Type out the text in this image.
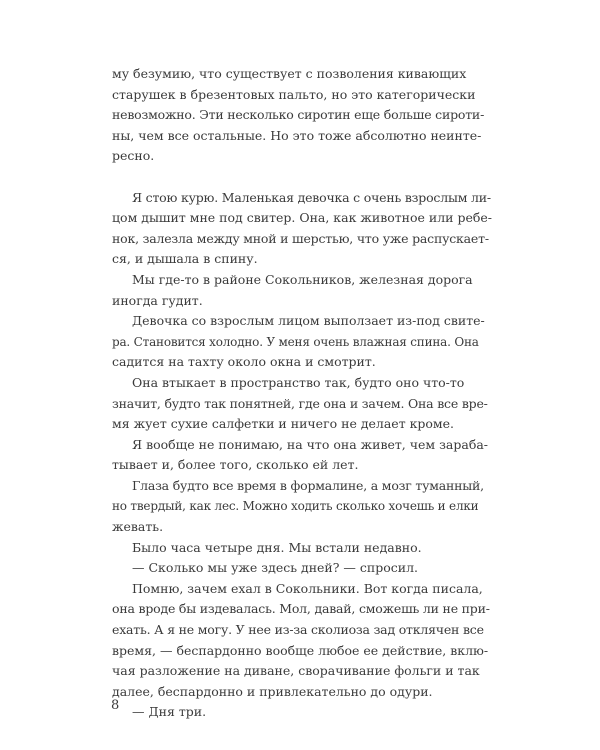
му безумию, что существует с позволения кивающих
старушек в брезентовых пальто, но это категорически
невозможно. Эти несколько сиротин еще больше сироти-
ны, чем все остальные. Но это тоже абсолютно неинте-
ресно.
Я стою курю. Маленькая девочка с очень взрослым ли-
цом дышит мне под свитер. Она, как животное или ребе-
нок, залезла между мной и шерстью, что уже распускает-
ся, и дышала в спину.
Мы где-то в районе Сокольников, железная дорога
иногда гудит.
Девочка со взрослым лицом выползает из-под свите-
ра. Становится холодно. У меня очень влажная спина. Она
садится на тахту около окна и смотрит.
Она втыкает в пространство так, будто оно что-то
значит, будто так понятней, где она и зачем. Она все вре-
мя жует сухие салфетки и ничего не делает кроме.
Я вообще не понимаю, на что она живет, чем зараба-
тывает и, более того, сколько ей лет.
Глаза будто все время в формалине, а мозг туманный,
но твердый, как лес. Можно ходить сколько хочешь и елки
жевать.
Было часа четыре дня. Мы встали недавно.
— Сколько мы уже здесь дней? — спросил.
Помню, зачем ехал в Сокольники. Вот когда писала,
она вроде бы издевалась. Мол, давай, сможешь ли не при-
ехать. А я не могу. У нее из-за сколиоза зад отклячен все
время, — беспардонно вообще любое ее действие, вклю-
чая разложение на диване, сворачивание фольги и так
далее, беспардонно и привлекательно до одури.
— Дня три.
8
